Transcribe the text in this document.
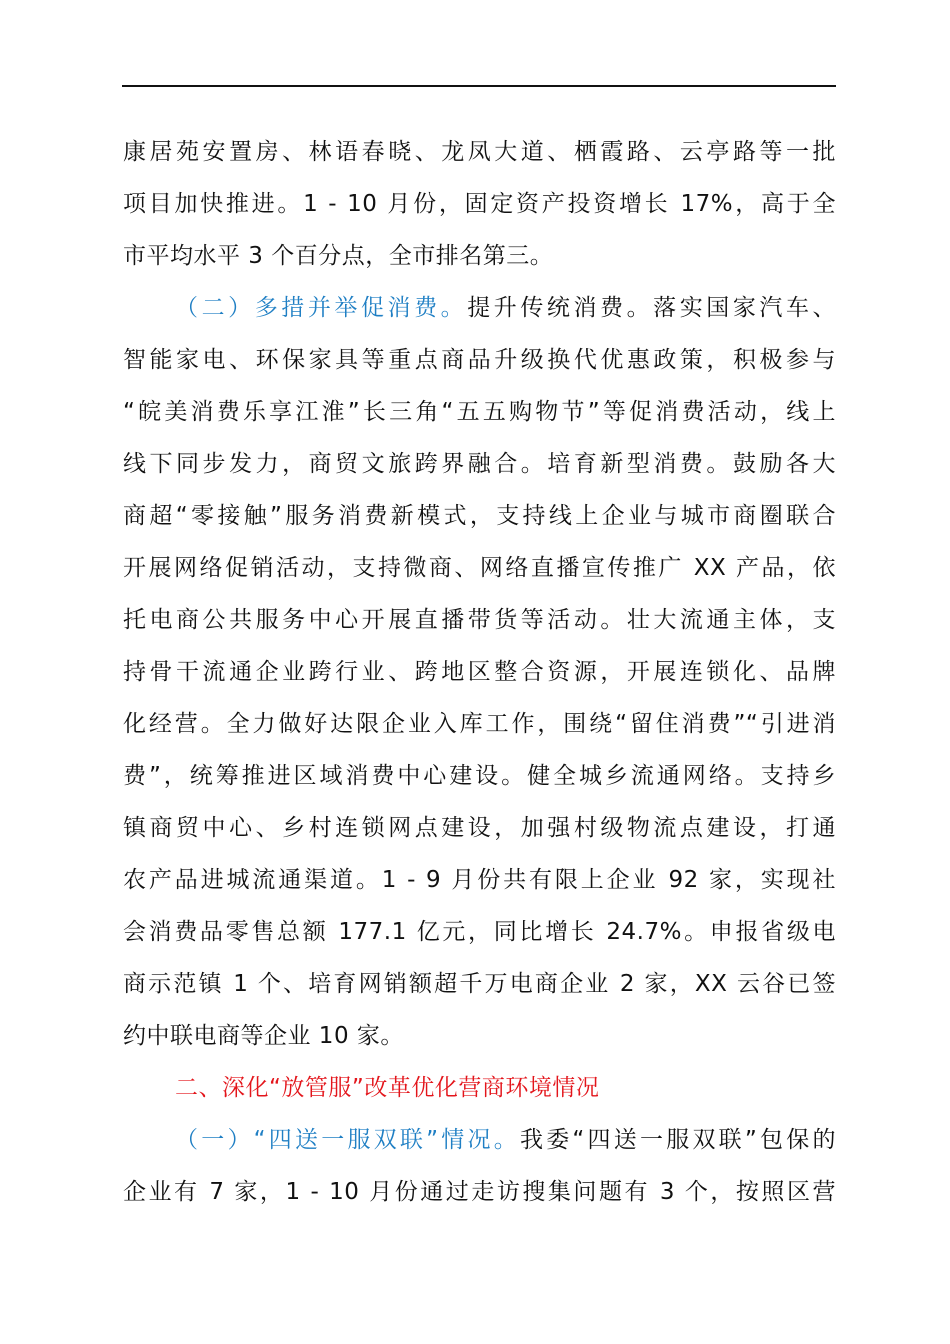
康居苑安置房、林语春晓、龙凤大道、栖霞路、云亭路等一批
项目加快推进。1 - 10 月份，固定资产投资增长 17%，高于全
市平均水平 3 个百分点，全市排名第三。
（二）多措并举促消费。提升传统消费。落实国家汽车、
智能家电、环保家具等重点商品升级换代优惠政策，积极参与
“皖美消费乐享江淮”长三角“五五购物节”等促消费活动，线上
线下同步发力，商贸文旅跨界融合。培育新型消费。鼓励各大
商超“零接触”服务消费新模式，支持线上企业与城市商圈联合
开展网络促销活动，支持微商、网络直播宣传推广 XX 产品，依
托电商公共服务中心开展直播带货等活动。壮大流通主体，支
持骨干流通企业跨行业、跨地区整合资源，开展连锁化、品牌
化经营。全力做好达限企业入库工作，围绕“留住消费”“引进消
费”，统筹推进区域消费中心建设。健全城乡流通网络。支持乡
镇商贸中心、乡村连锁网点建设，加强村级物流点建设，打通
农产品进城流通渠道。1 - 9 月份共有限上企业 92 家，实现社
会消费品零售总额 177.1 亿元，同比增长 24.7%。申报省级电
商示范镇 1 个、培育网销额超千万电商企业 2 家，XX 云谷已签
约中联电商等企业 10 家。
二、深化“放管服”改革优化营商环境情况
（一）“四送一服双联”情况。我委“四送一服双联”包保的
企业有 7 家，1 - 10 月份通过走访搜集问题有 3 个，按照区营
